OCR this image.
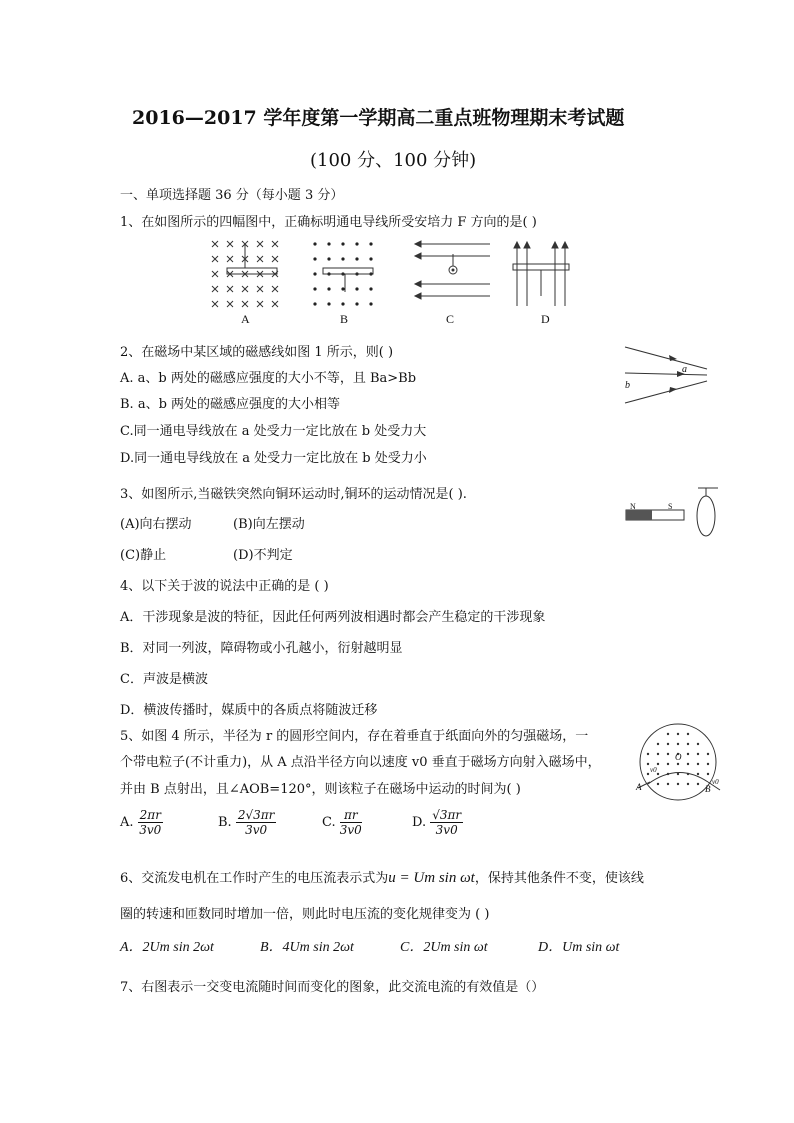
2016—2017 学年度第一学期高二重点班物理期末考试题
(100 分、100 分钟)
一、单项选择题 36 分（每小题 3 分）
1、在如图所示的四幅图中，正确标明通电导线所受安培力 F 方向的是( )
A	B	C	D
2、在磁场中某区域的磁感线如图 1 所示，则( )
A. a、b 两处的磁感应强度的大小不等，且 Ba>Bb
B. a、b 两处的磁感应强度的大小相等
C.同一通电导线放在 a 处受力一定比放在 b 处受力大
D.同一通电导线放在 a 处受力一定比放在 b 处受力小
a
b
3、如图所示,当磁铁突然向铜环运动时,铜环的运动情况是( ).
(A)向右摆动	(B)向左摆动
(C)静止	(D)不判定
N	S
4、以下关于波的说法中正确的是 ( )
A．干涉现象是波的特征，因此任何两列波相遇时都会产生稳定的干涉现象
B．对同一列波，障碍物或小孔越小，衍射越明显
C．声波是横波
D．横波传播时，媒质中的各质点将随波迁移
5、如图 4 所示，半径为 r 的圆形空间内，存在着垂直于纸面向外的匀强磁场，一
个带电粒子(不计重力)，从 A 点沿半径方向以速度 v0 垂直于磁场方向射入磁场中，
并由 B 点射出，且∠AOB=120°，则该粒子在磁场中运动的时间为( )
O
A	B
v0
v0
A. $\frac{2\pi r}{3v0}$	B. $\frac{2√3\pi r}{3v0}$	C. $\frac{\pi r}{3v0}$	D. $\frac{√3\pi r}{3v0}$
6、交流发电机在工作时产生的电压流表示式为u = Um sin ωt，保持其他条件不变，使该线
圈的转速和匝数同时增加一倍，则此时电压流的变化规律变为 ( )
A．2Um sin 2ωt	B．4Um sin 2ωt	C．2Um sin ωt	D．Um sin ωt
7、右图表示一交变电流随时间而变化的图象，此交流电流的有效值是（）
